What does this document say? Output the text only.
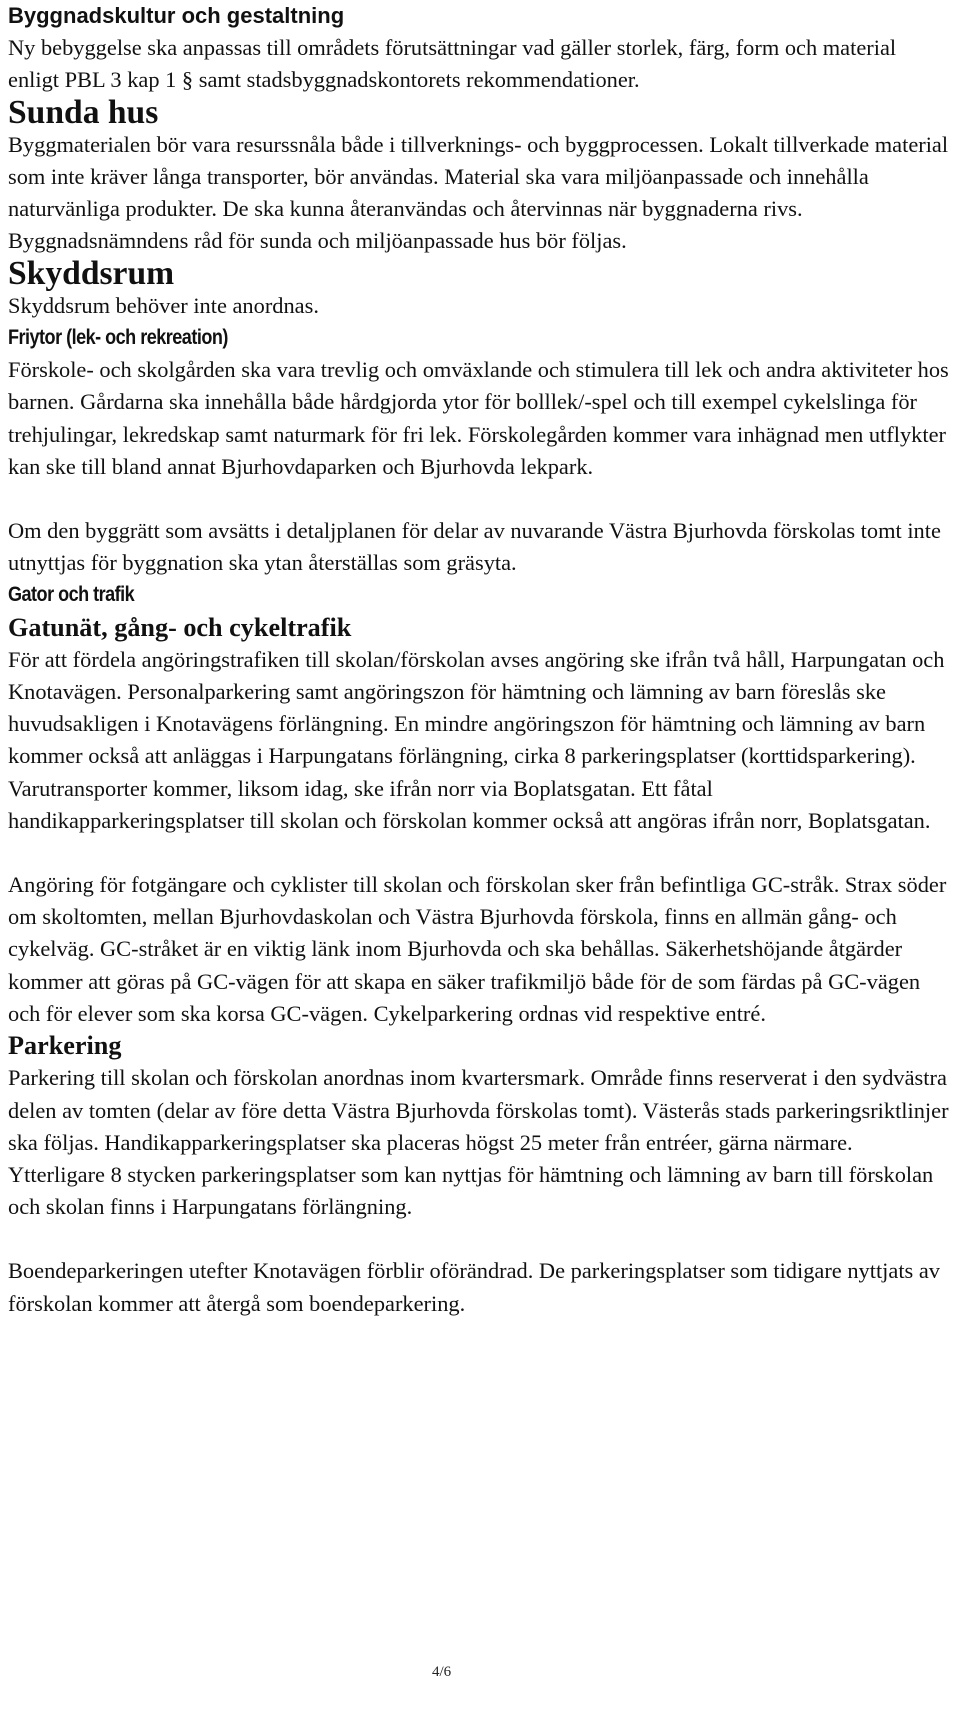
Byggnadskultur och gestaltning

Ny bebyggelse ska anpassas till områdets förutsättningar vad gäller storlek, färg, form och material enligt PBL 3 kap 1 § samt stadsbyggnadskontorets rekommendationer.

Sunda hus

Byggmaterialen bör vara resurssnåla både i tillverknings- och byggprocessen. Lokalt tillverkade material som inte kräver långa transporter, bör användas. Material ska vara miljöanpassade och innehålla naturvänliga produkter. De ska kunna återanvändas och återvinnas när byggnaderna rivs. Byggnadsnämndens råd för sunda och miljöanpassade hus bör följas.

Skyddsrum

Skyddsrum behöver inte anordnas.

Friytor (lek- och rekreation)

Förskole- och skolgården ska vara trevlig och omväxlande och stimulera till lek och andra aktiviteter hos barnen. Gårdarna ska innehålla både hårdgjorda ytor för bolllek/-spel och till exempel cykelslinga för trehjulingar, lekredskap samt naturmark för fri lek. Förskolegården kommer vara inhägnad men utflykter kan ske till bland annat Bjurhovdaparken och Bjurhovda lekpark.

Om den byggrätt som avsätts i detaljplanen för delar av nuvarande Västra Bjurhovda förskolas tomt inte utnyttjas för byggnation ska ytan återställas som gräsyta.

Gator och trafik
Gatunät, gång- och cykeltrafik

För att fördela angöringstrafiken till skolan/förskolan avses angöring ske ifrån två håll, Harpungatan och Knotavägen. Personalparkering samt angöringszon för hämtning och lämning av barn föreslås ske huvudsakligen i Knotavägens förlängning. En mindre angöringszon för hämtning och lämning av barn kommer också att anläggas i Harpungatans förlängning, cirka 8 parkeringsplatser (korttidsparkering). Varutransporter kommer, liksom idag, ske ifrån norr via Boplatsgatan. Ett fåtal handikapparkeringsplatser till skolan och förskolan kommer också att angöras ifrån norr, Boplatsgatan.

Angöring för fotgängare och cyklister till skolan och förskolan sker från befintliga GC-stråk. Strax söder om skoltomten, mellan Bjurhovdaskolan och Västra Bjurhovda förskola, finns en allmän gång- och cykelväg. GC-stråket är en viktig länk inom Bjurhovda och ska behållas. Säkerhetshöjande åtgärder kommer att göras på GC-vägen för att skapa en säker trafikmiljö både för de som färdas på GC-vägen och för elever som ska korsa GC-vägen. Cykelparkering ordnas vid respektive entré.

Parkering

Parkering till skolan och förskolan anordnas inom kvartersmark. Område finns reserverat i den sydvästra delen av tomten (delar av före detta Västra Bjurhovda förskolas tomt). Västerås stads parkeringsriktlinjer ska följas. Handikapparkeringsplatser ska placeras högst 25 meter från entréer, gärna närmare. Ytterligare 8 stycken parkeringsplatser som kan nyttjas för hämtning och lämning av barn till förskolan och skolan finns i Harpungatans förlängning.

Boendeparkeringen utefter Knotavägen förblir oförändrad. De parkeringsplatser som tidigare nyttjats av förskolan kommer att återgå som boendeparkering.

4/6
